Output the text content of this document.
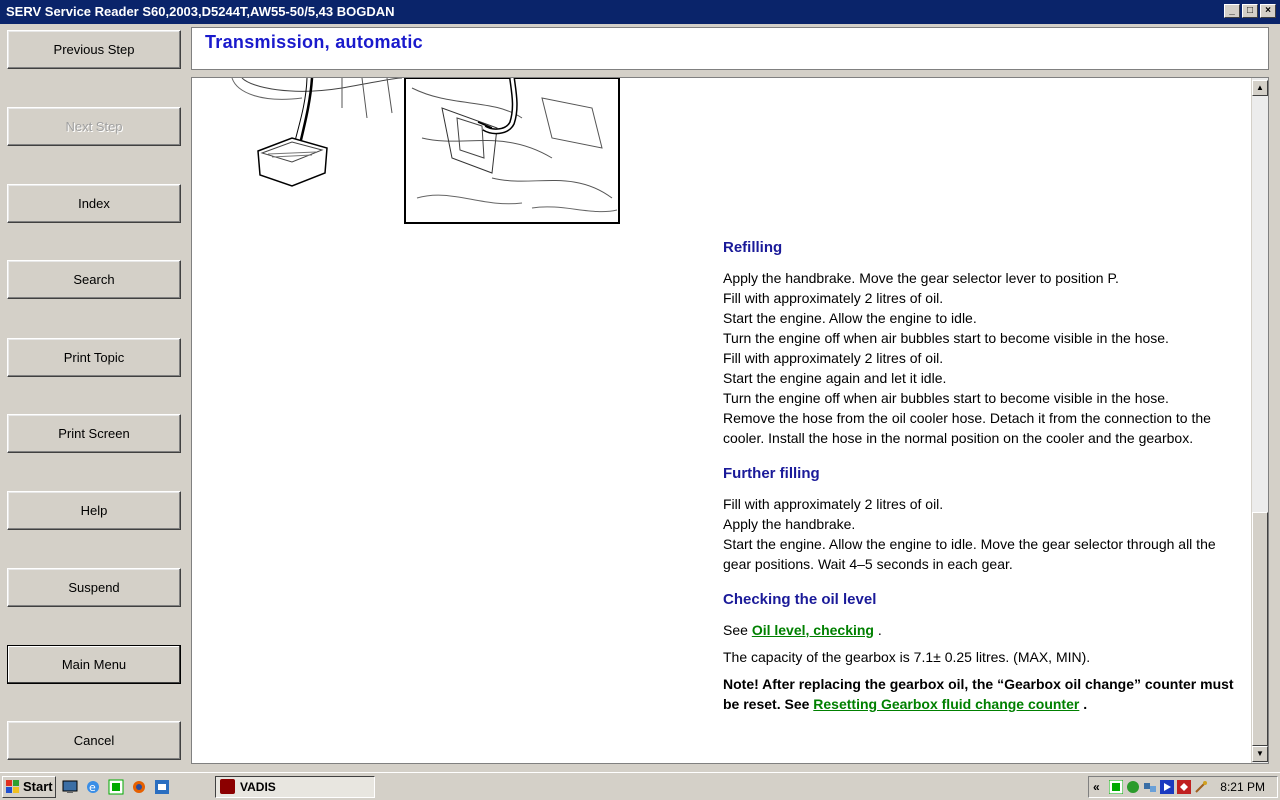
SERV Service Reader S60,2003,D5244T,AW55-50/5,43 BOGDAN	_	□	×
Previous Step
Next Step
Index
Search
Print Topic
Print Screen
Help
Suspend
Main Menu
Cancel
Transmission, automatic
Refilling

Apply the handbrake. Move the gear selector lever to position P.

Fill with approximately 2 litres of oil.

Start the engine. Allow the engine to idle.

Turn the engine off when air bubbles start to become visible in the hose.

Fill with approximately 2 litres of oil.

Start the engine again and let it idle.

Turn the engine off when air bubbles start to become visible in the hose.

Remove the hose from the oil cooler hose. Detach it from the connection to the cooler. Install the hose in the normal position on the cooler and the gearbox.

Further filling

Fill with approximately 2 litres of oil.

Apply the handbrake.

Start the engine. Allow the engine to idle. Move the gear selector through all the gear positions. Wait 4–5 seconds in each gear.

Checking the oil level

See Oil level, checking .

The capacity of the gearbox is 7.1± 0.25 litres. (MAX, MIN).

Note! After replacing the gearbox oil, the “Gearbox oil change” counter must be reset. See Resetting Gearbox fluid change counter .

▲
▼
Start	e	VADIS	«	8:21 PM
